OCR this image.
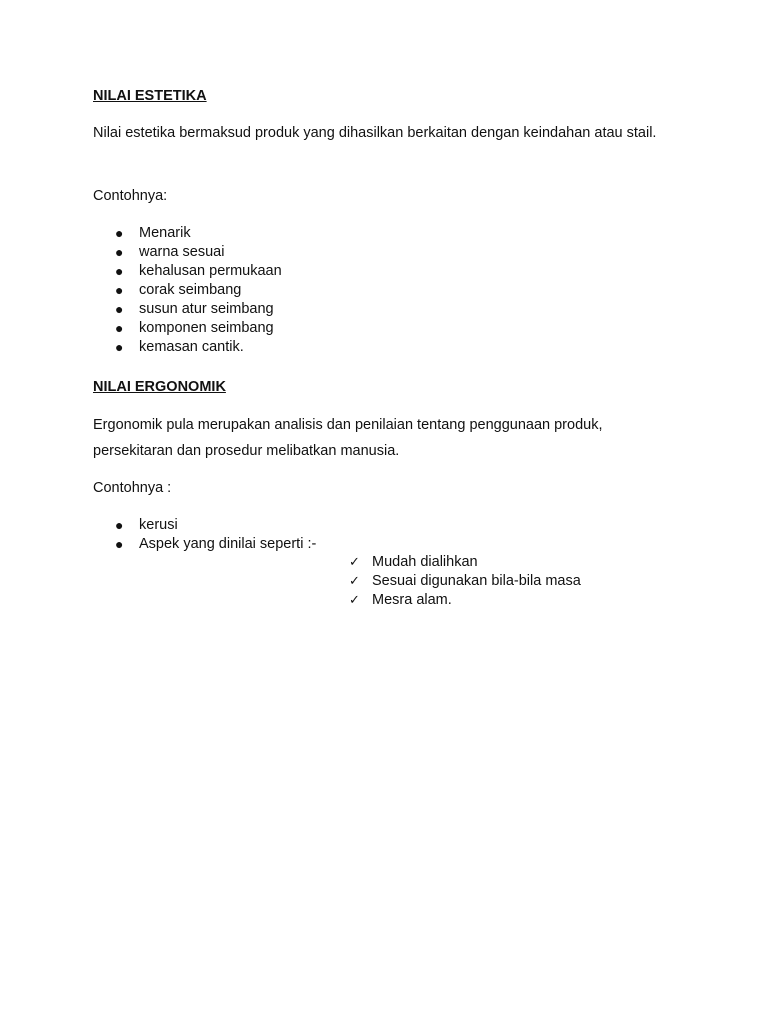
NILAI ESTETIKA

Nilai estetika bermaksud produk yang dihasilkan berkaitan dengan keindahan atau stail.

Contohnya:

● Menarik
● warna sesuai
● kehalusan permukaan
● corak seimbang
● susun atur seimbang
● komponen seimbang
● kemasan cantik.
NILAI ERGONOMIK

Ergonomik pula merupakan analisis dan penilaian tentang penggunaan produk, persekitaran dan prosedur melibatkan manusia.

Contohnya :

● kerusi
● Aspek yang dinilai seperti :-
✓ Mudah dialihkan
✓ Sesuai digunakan bila-bila masa
✓ Mesra alam.
